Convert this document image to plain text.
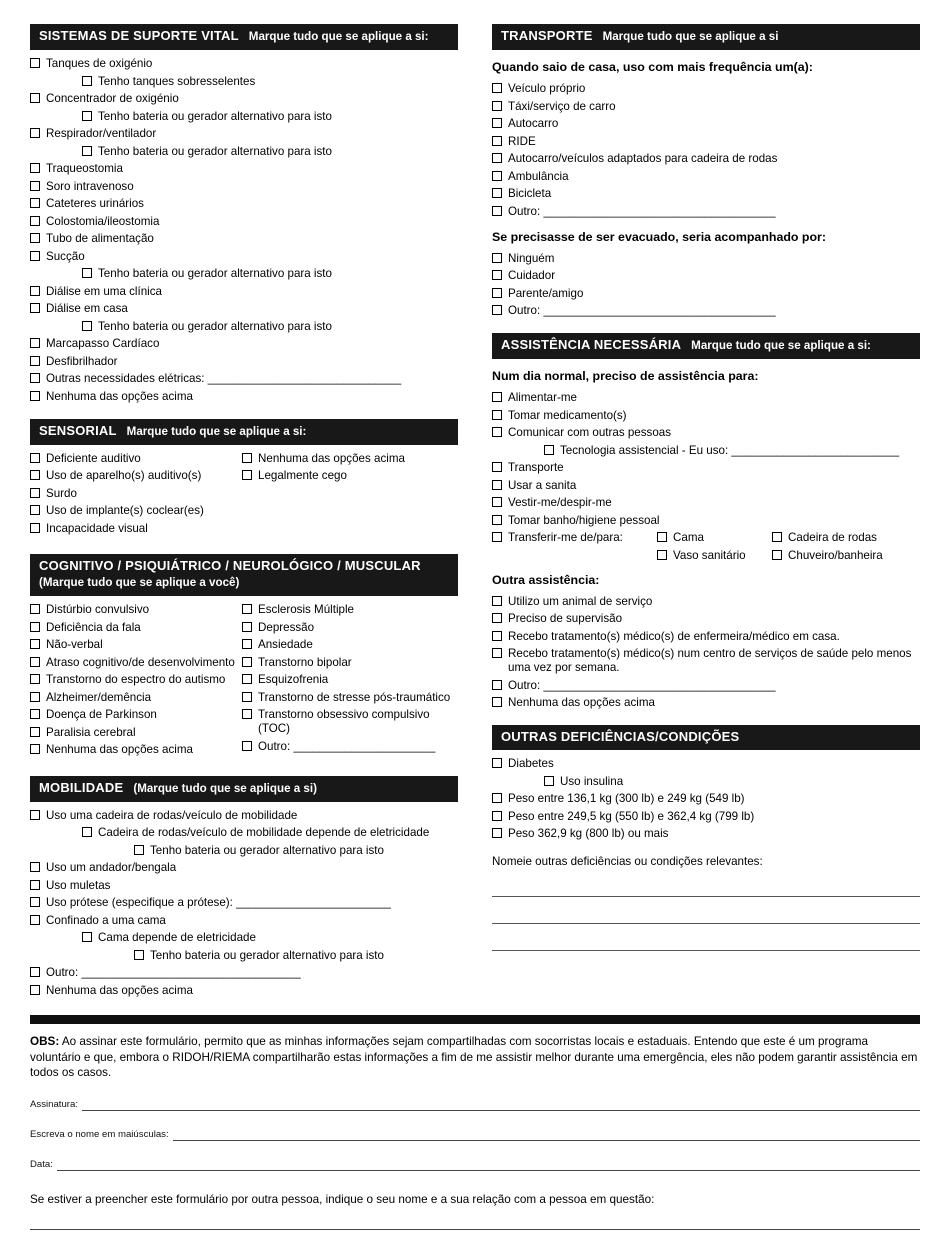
SISTEMAS DE SUPORTE VITAL Marque tudo que se aplique a si:
Tanques de oxigénio
Tenho tanques sobresselentes
Concentrador de oxigénio
Tenho bateria ou gerador alternativo para isto
Respirador/ventilador
Tenho bateria ou gerador alternativo para isto
Traqueostomia
Soro intravenoso
Cateteres urinários
Colostomia/ileostomia
Tubo de alimentação
Sucção
Tenho bateria ou gerador alternativo para isto
Diálise em uma clínica
Diálise em casa
Tenho bateria ou gerador alternativo para isto
Marcapasso Cardíaco
Desfibrilhador
Outras necessidades elétricas: ______________________________
Nenhuma das opções acima
SENSORIAL Marque tudo que se aplique a si:
Deficiente auditivo
Uso de aparelho(s) auditivo(s)
Surdo
Uso de implante(s) coclear(es)
Incapacidade visual
Nenhuma das opções acima
Legalmente cego
COGNITIVO / PSIQUIÁTRICO / NEUROLÓGICO / MUSCULAR
(Marque tudo que se aplique a você)
Distúrbio convulsivo
Deficiência da fala
Não-verbal
Atraso cognitivo/de desenvolvimento
Transtorno do espectro do autismo
Alzheimer/demência
Doença de Parkinson
Paralisia cerebral
Nenhuma das opções acima
Esclerosis Múltiple
Depressão
Ansiedade
Transtorno bipolar
Esquizofrenia
Transtorno de stresse pós-traumático
Transtorno obsessivo compulsivo (TOC)
Outro: ______________________
MOBILIDADE (Marque tudo que se aplique a si)
Uso uma cadeira de rodas/veículo de mobilidade
Cadeira de rodas/veículo de mobilidade depende de eletricidade
Tenho bateria ou gerador alternativo para isto
Uso um andador/bengala
Uso muletas
Uso prótese (especifique a prótese): ________________________
Confinado a uma cama
Cama depende de eletricidade
Tenho bateria ou gerador alternativo para isto
Outro: __________________________________
Nenhuma das opções acima
TRANSPORTE Marque tudo que se aplique a si
Quando saio de casa, uso com mais frequência um(a):
Veículo próprio
Táxi/serviço de carro
Autocarro
RIDE
Autocarro/veículos adaptados para cadeira de rodas
Ambulância
Bicicleta
Outro: ____________________________________
Se precisasse de ser evacuado, seria acompanhado por:
Ninguém
Cuidador
Parente/amigo
Outro: ____________________________________
ASSISTÊNCIA NECESSÁRIA Marque tudo que se aplique a si:
Num dia normal, preciso de assistência para:
Alimentar-me
Tomar medicamento(s)
Comunicar com outras pessoas
Tecnologia assistencial - Eu uso: __________________________
Transporte
Usar a sanita
Vestir-me/despir-me
Tomar banho/higiene pessoal
Transferir-me de/para:	Cama	Cadeira de rodas
Vaso sanitário	Chuveiro/banheira
Outra assistência:
Utilizo um animal de serviço
Preciso de supervisão
Recebo tratamento(s) médico(s) de enfermeira/médico em casa.
Recebo tratamento(s) médico(s) num centro de serviços de saúde pelo menos uma vez por semana.
Outro: ____________________________________
Nenhuma das opções acima
OUTRAS DEFICIÊNCIAS/CONDIÇÕES
Diabetes
Uso insulina
Peso entre 136,1 kg (300 lb) e 249 kg (549 lb)
Peso entre 249,5 kg (550 lb) e 362,4 kg (799 lb)
Peso 362,9 kg (800 lb) ou mais
Nomeie outras deficiências ou condições relevantes:

OBS: Ao assinar este formulário, permito que as minhas informações sejam compartilhadas com socorristas locais e estaduais. Entendo que este é um programa voluntário e que, embora o RIDOH/RIEMA compartilharão estas informações a fim de me assistir melhor durante uma emergência, eles não podem garantir assistência em todos os casos.

Assinatura:
Escreva o nome em maiúsculas:
Data:
Se estiver a preencher este formulário por outra pessoa, indique o seu nome e a sua relação com a pessoa em questão:
